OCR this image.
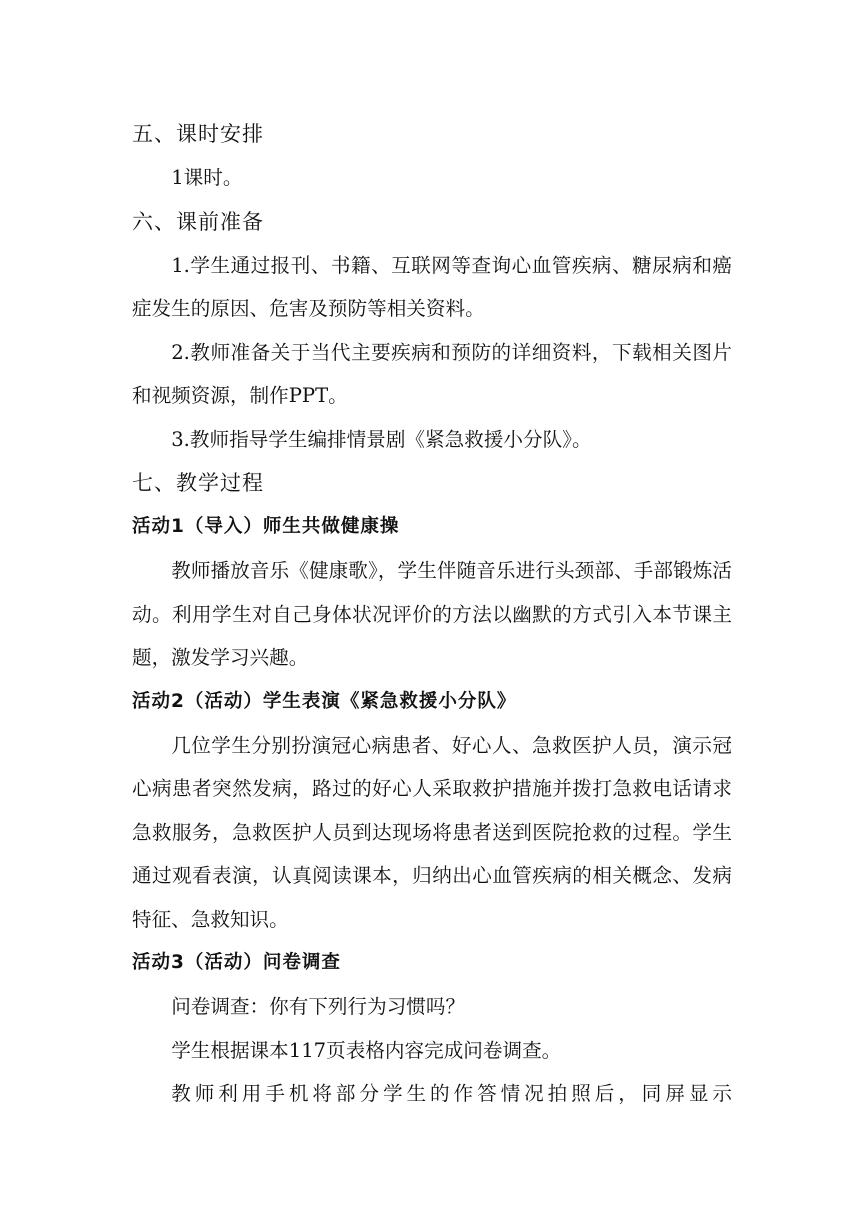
五、课时安排
1课时。
六、课前准备
1.学生通过报刊、书籍、互联网等查询心血管疾病、糖尿病和癌症发生的原因、危害及预防等相关资料。
2.教师准备关于当代主要疾病和预防的详细资料，下载相关图片和视频资源，制作PPT。
3.教师指导学生编排情景剧《紧急救援小分队》。
七、教学过程
活动1（导入）师生共做健康操
教师播放音乐《健康歌》，学生伴随音乐进行头颈部、手部锻炼活动。利用学生对自己身体状况评价的方法以幽默的方式引入本节课主题，激发学习兴趣。
活动2（活动）学生表演《紧急救援小分队》
几位学生分别扮演冠心病患者、好心人、急救医护人员，演示冠心病患者突然发病，路过的好心人采取救护措施并拨打急救电话请求急救服务，急救医护人员到达现场将患者送到医院抢救的过程。学生通过观看表演，认真阅读课本，归纳出心血管疾病的相关概念、发病特征、急救知识。
活动3（活动）问卷调查
问卷调查：你有下列行为习惯吗？
学生根据课本117页表格内容完成问卷调查。
教师利用手机将部分学生的作答情况拍照后，同屏显示
